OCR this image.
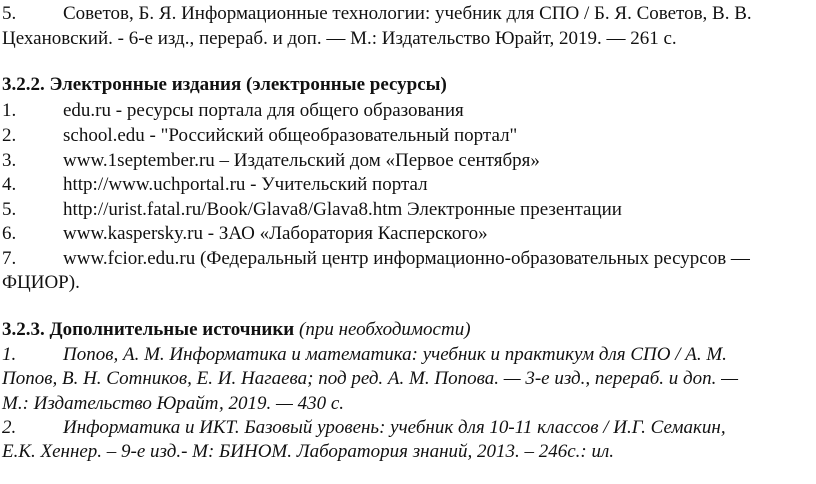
5. Советов, Б. Я. Информационные технологии: учебник для СПО / Б. Я. Советов, В. В.
Цехановский. - 6-е изд., перераб. и доп. — М.: Издательство Юрайт, 2019. — 261 с.
3.2.2. Электронные издания (электронные ресурсы)
1. edu.ru - ресурсы портала для общего образования
2. school.edu - "Российский общеобразовательный портал"
3. www.1september.ru – Издательский дом «Первое сентября»
4. http://www.uchportal.ru - Учительский портал
5. http://urist.fatal.ru/Book/Glava8/Glava8.htm Электронные презентации
6. www.kaspersky.ru - ЗАО «Лаборатория Касперского»
7. www.fcior.edu.ru (Федеральный центр информационно-образовательных ресурсов —
ФЦИОР).
3.2.3. Дополнительные источники (при необходимости)
1. Попов, А. М. Информатика и математика: учебник и практикум для СПО / А. М.
Попов, В. Н. Сотников, Е. И. Нагаева; под ред. А. М. Попова. — 3-е изд., перераб. и доп. —
М.: Издательство Юрайт, 2019. — 430 с.
2. Информатика и ИКТ. Базовый уровень: учебник для 10-11 классов / И.Г. Семакин,
Е.К. Хеннер. – 9-е изд.- М: БИНОМ. Лаборатория знаний, 2013. – 246с.: ил.
